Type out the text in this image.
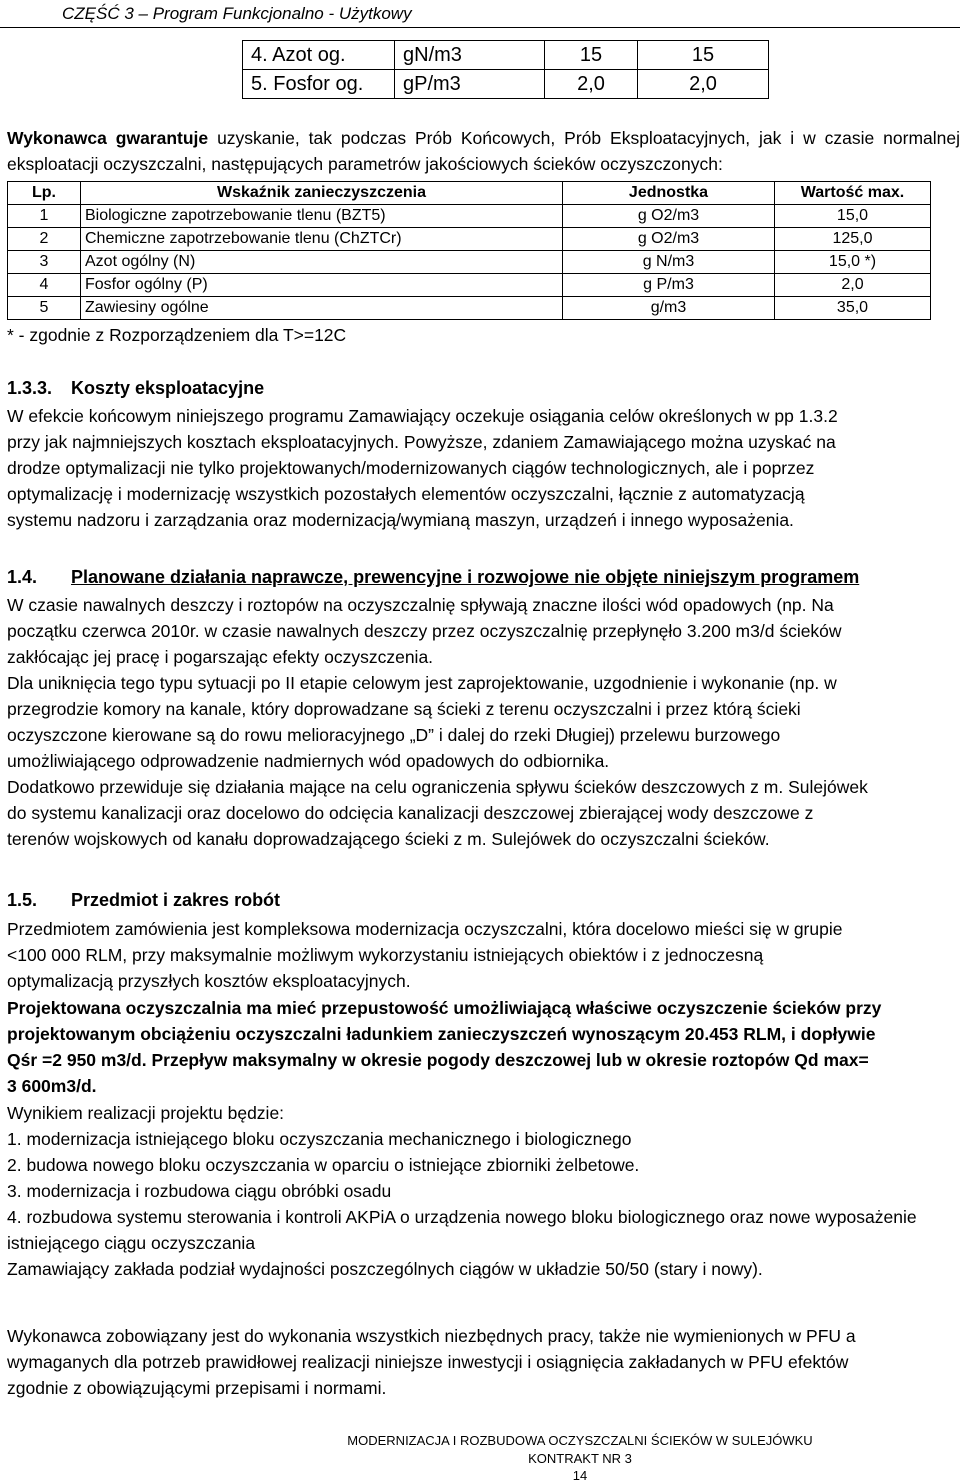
CZĘŚĆ 3 – Program Funkcjonalno - Użytkowy
4. Azot og.	gN/m3	15	15
5. Fosfor og.	gP/m3	2,0	2,0
Wykonawca gwarantuje uzyskanie, tak podczas Prób Końcowych, Prób Eksploatacyjnych, jak i w czasie normalnej eksploatacji oczyszczalni, następujących parametrów jakościowych ścieków oczyszczonych:
Lp.	Wskaźnik zanieczyszczenia	Jednostka	Wartość max.
1	Biologiczne zapotrzebowanie tlenu (BZT5)	g O2/m3	15,0
2	Chemiczne zapotrzebowanie tlenu (ChZTCr)	g O2/m3	125,0
3	Azot ogólny (N)	g N/m3	15,0 *)
4	Fosfor ogólny (P)	g P/m3	2,0
5	Zawiesiny ogólne	g/m3	35,0
* - zgodnie z Rozporządzeniem dla T>=12C
1.3.3. Koszty eksploatacyjne
W efekcie końcowym niniejszego programu Zamawiający oczekuje osiągania celów określonych w pp 1.3.2
przy jak najmniejszych kosztach eksploatacyjnych. Powyższe, zdaniem Zamawiającego można uzyskać na
drodze optymalizacji nie tylko projektowanych/modernizowanych ciągów technologicznych, ale i poprzez
optymalizację i modernizację wszystkich pozostałych elementów oczyszczalni, łącznie z automatyzacją
systemu nadzoru i zarządzania oraz modernizacją/wymianą maszyn, urządzeń i innego wyposażenia.
1.4. Planowane działania naprawcze, prewencyjne i rozwojowe nie objęte niniejszym programem
W czasie nawalnych deszczy i roztopów na oczyszczalnię spływają znaczne ilości wód opadowych (np. Na
początku czerwca 2010r. w czasie nawalnych deszczy przez oczyszczalnię przepłynęło 3.200 m3/d ścieków
zakłócając jej pracę i pogarszając efekty oczyszczenia.
Dla uniknięcia tego typu sytuacji po II etapie celowym jest zaprojektowanie, uzgodnienie i wykonanie (np. w
przegrodzie komory na kanale, który doprowadzane są ścieki z terenu oczyszczalni i przez którą ścieki
oczyszczone kierowane są do rowu melioracyjnego „D” i dalej do rzeki Długiej) przelewu burzowego
umożliwiającego odprowadzenie nadmiernych wód opadowych do odbiornika.
Dodatkowo przewiduje się działania mające na celu ograniczenia spływu ścieków deszczowych z m. Sulejówek
do systemu kanalizacji oraz docelowo do odcięcia kanalizacji deszczowej zbierającej wody deszczowe z
terenów wojskowych od kanału doprowadzającego ścieki z m. Sulejówek do oczyszczalni ścieków.
1.5. Przedmiot i zakres robót
Przedmiotem zamówienia jest kompleksowa modernizacja oczyszczalni, która docelowo mieści się w grupie
<100 000 RLM, przy maksymalnie możliwym wykorzystaniu istniejących obiektów i z jednoczesną
optymalizacją przyszłych kosztów eksploatacyjnych.
Projektowana oczyszczalnia ma mieć przepustowość umożliwiającą właściwe oczyszczenie ścieków przy
projektowanym obciążeniu oczyszczalni ładunkiem zanieczyszczeń wynoszącym 20.453 RLM, i dopływie
Qśr =2 950 m3/d. Przepływ maksymalny w okresie pogody deszczowej lub w okresie roztopów Qd max=
3 600m3/d.
Wynikiem realizacji projektu będzie:
1. modernizacja istniejącego bloku oczyszczania mechanicznego i biologicznego
2. budowa nowego bloku oczyszczania w oparciu o istniejące zbiorniki żelbetowe.
3. modernizacja i rozbudowa ciągu obróbki osadu
4. rozbudowa systemu sterowania i kontroli AKPiA o urządzenia nowego bloku biologicznego oraz nowe wyposażenie
istniejącego ciągu oczyszczania
Zamawiający zakłada podział wydajności poszczególnych ciągów w układzie 50/50 (stary i nowy).
Wykonawca zobowiązany jest do wykonania wszystkich niezbędnych pracy, także nie wymienionych w PFU a
wymaganych dla potrzeb prawidłowej realizacji niniejsze inwestycji i osiągnięcia zakładanych w PFU efektów
zgodnie z obowiązującymi przepisami i normami.
MODERNIZACJA I ROZBUDOWA OCZYSZCZALNI ŚCIEKÓW W SULEJÓWKU
KONTRAKT NR 3
14
